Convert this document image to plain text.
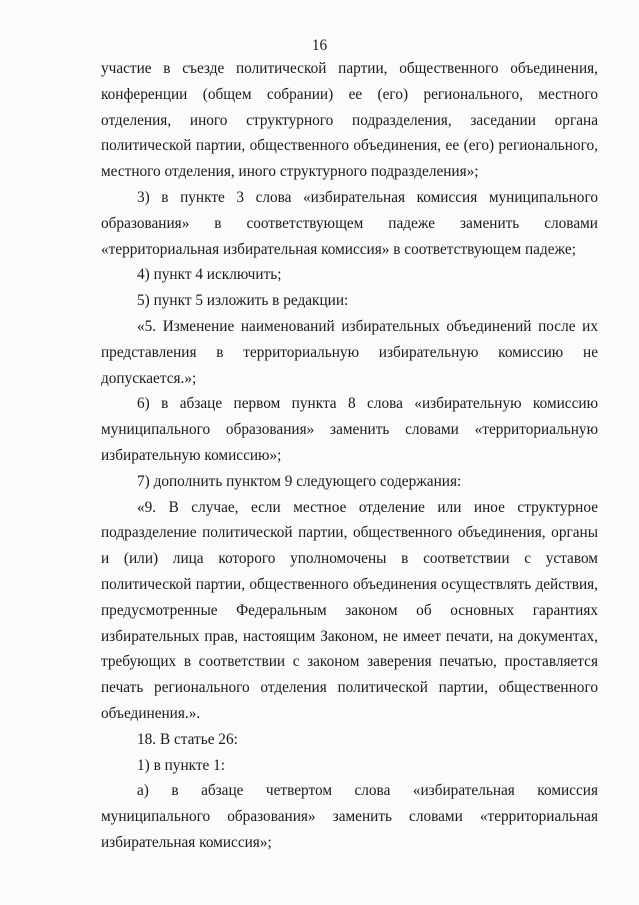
16

участие в съезде политической партии, общественного объединения, конференции (общем собрании) ее (его) регионального, местного отделения, иного структурного подразделения, заседании органа политической партии, общественного объединения, ее (его) регионального, местного отделения, иного структурного подразделения»;

3) в пункте 3 слова «избирательная комиссия муниципального образования» в соответствующем падеже заменить словами «территориальная избирательная комиссия» в соответствующем падеже;

4) пункт 4 исключить;

5) пункт 5 изложить в редакции:

«5. Изменение наименований избирательных объединений после их представления в территориальную избирательную комиссию не допускается.»;

6) в абзаце первом пункта 8 слова «избирательную комиссию муниципального образования» заменить словами «территориальную избирательную комиссию»;

7) дополнить пунктом 9 следующего содержания:

«9. В случае, если местное отделение или иное структурное подразделение политической партии, общественного объединения, органы и (или) лица которого уполномочены в соответствии с уставом политической партии, общественного объединения осуществлять действия, предусмотренные Федеральным законом об основных гарантиях избирательных прав, настоящим Законом, не имеет печати, на документах, требующих в соответствии с законом заверения печатью, проставляется печать регионального отделения политической партии, общественного объединения.».

18. В статье 26:

1) в пункте 1:

а) в абзаце четвертом слова «избирательная комиссия муниципального образования» заменить словами «территориальная избирательная комиссия»;
